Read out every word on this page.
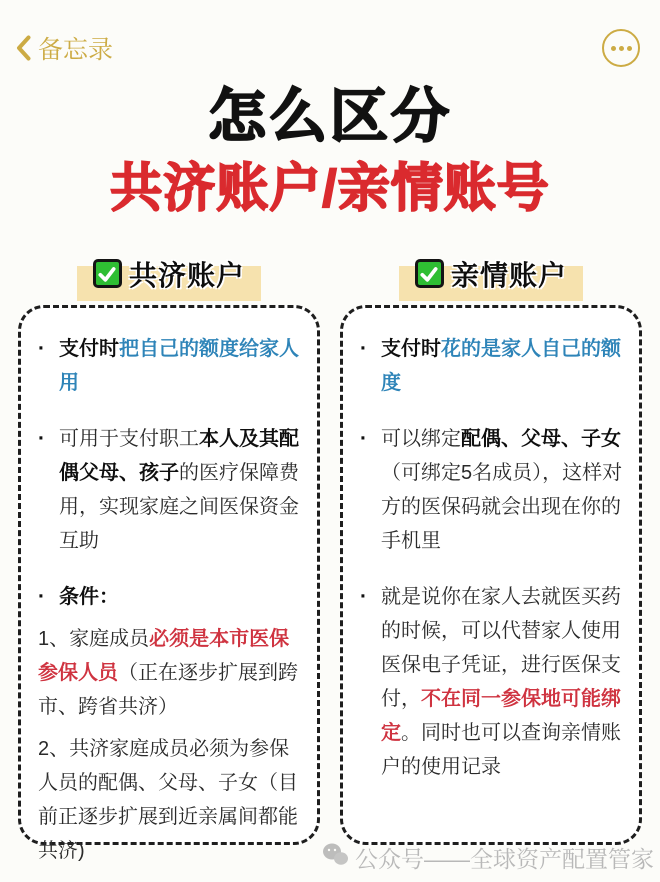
备忘录
怎么区分
共济账户/亲情账号
共济账户	亲情账户
· 支付时把自己的额度给家人用
· 可用于支付职工本人及其配偶父母、孩子的医疗保障费用，实现家庭之间医保资金互助
· 条件：
1、家庭成员必须是本市医保参保人员（正在逐步扩展到跨市、跨省共济）
2、共济家庭成员必须为参保人员的配偶、父母、子女（目前正逐步扩展到近亲属间都能共济)
· 支付时花的是家人自己的额度
· 可以绑定配偶、父母、子女（可绑定5名成员），这样对方的医保码就会出现在你的手机里
· 就是说你在家人去就医买药的时候，可以代替家人使用医保电子凭证，进行医保支付，不在同一参保地可能绑定。同时也可以查询亲情账户的使用记录
公众号——全球资产配置管家
